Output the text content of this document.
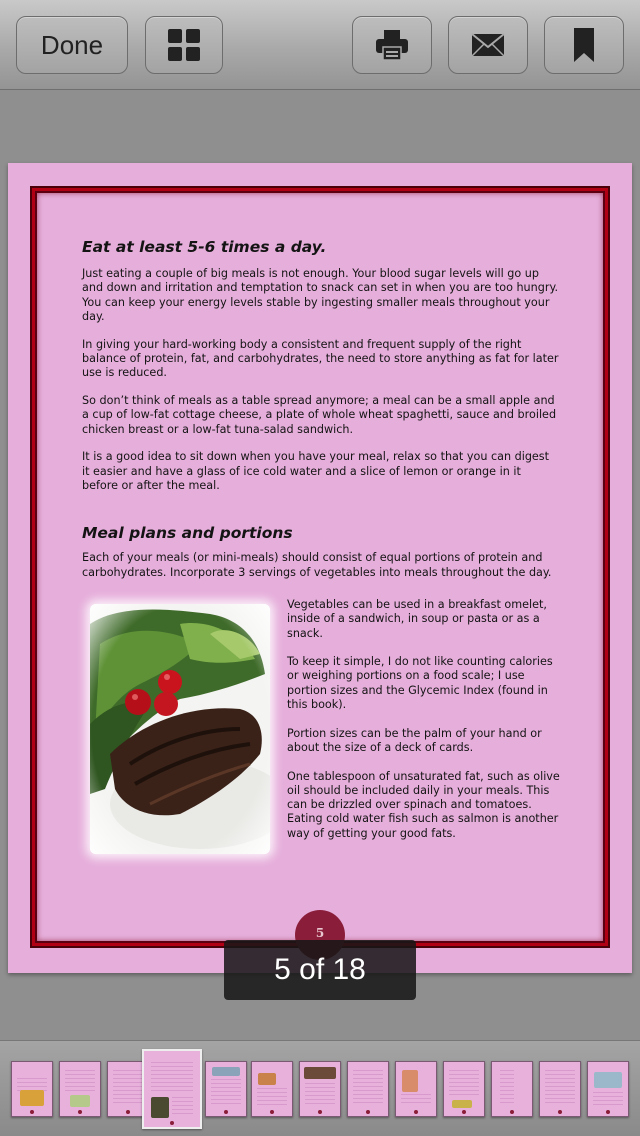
Done
Eat at least 5-6 times a day.

Just eating a couple of big meals is not enough. Your blood sugar levels will go up and down and irritation and temptation to snack can set in when you are too hungry. You can keep your energy levels stable by ingesting smaller meals throughout your day.

In giving your hard-working body a consistent and frequent supply of the right balance of protein, fat, and carbohydrates, the need to store anything as fat for later use is reduced.

So don’t think of meals as a table spread anymore; a meal can be a small apple and a cup of low-fat cottage cheese, a plate of whole wheat spaghetti, sauce and broiled chicken breast or a low-fat tuna-salad sandwich.

It is a good idea to sit down when you have your meal, relax so that you can digest it easier and have a glass of ice cold water and a slice of lemon or orange in it before or after the meal.

Meal plans and portions

Each of your meals (or mini-meals) should consist of equal portions of protein and carbohydrates. Incorporate 3 servings of vegetables into meals throughout the day.

Vegetables can be used in a breakfast omelet, inside of a sandwich, in soup or pasta or as a snack.

To keep it simple, I do not like counting calories or weighing portions on a food scale; I use portion sizes and the Glycemic Index (found in this book).

Portion sizes can be the palm of your hand or about the size of a deck of cards.

One tablespoon of unsaturated fat, such as olive oil should be included daily in your meals. This can be drizzled over spinach and tomatoes. Eating cold water fish such as salmon is another way of getting your good fats.

5
5 of 18
